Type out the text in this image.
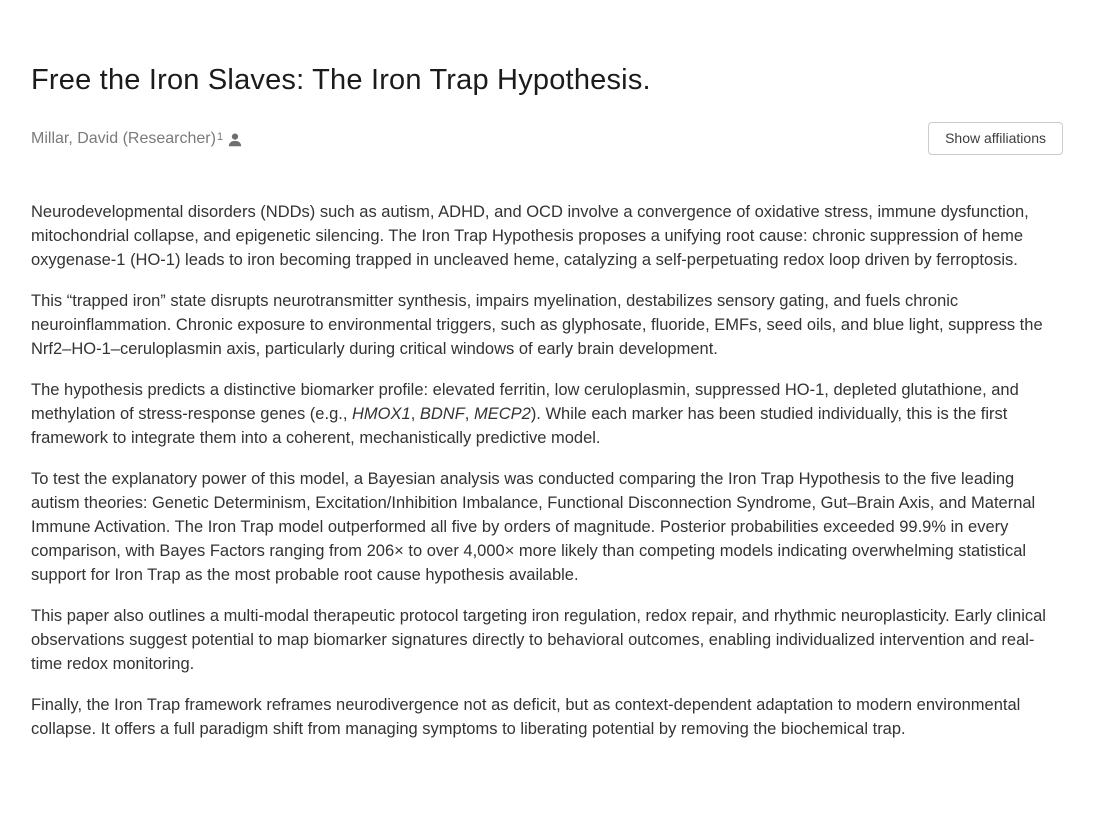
Free the Iron Slaves: The Iron Trap Hypothesis.
Millar, David (Researcher)$^1$	Show affiliations

Neurodevelopmental disorders (NDDs) such as autism, ADHD, and OCD involve a convergence of oxidative stress, immune dysfunction, mitochondrial collapse, and epigenetic silencing. The Iron Trap Hypothesis proposes a unifying root cause: chronic suppression of heme oxygenase-1 (HO-1) leads to iron becoming trapped in uncleaved heme, catalyzing a self-perpetuating redox loop driven by ferroptosis.

This “trapped iron” state disrupts neurotransmitter synthesis, impairs myelination, destabilizes sensory gating, and fuels chronic neuroinflammation. Chronic exposure to environmental triggers, such as glyphosate, fluoride, EMFs, seed oils, and blue light, suppress the Nrf2–HO-1–ceruloplasmin axis, particularly during critical windows of early brain development.

The hypothesis predicts a distinctive biomarker profile: elevated ferritin, low ceruloplasmin, suppressed HO-1, depleted glutathione, and methylation of stress-response genes (e.g., HMOX1, BDNF, MECP2). While each marker has been studied individually, this is the first framework to integrate them into a coherent, mechanistically predictive model.

To test the explanatory power of this model, a Bayesian analysis was conducted comparing the Iron Trap Hypothesis to the five leading autism theories: Genetic Determinism, Excitation/Inhibition Imbalance, Functional Disconnection Syndrome, Gut–Brain Axis, and Maternal Immune Activation. The Iron Trap model outperformed all five by orders of magnitude. Posterior probabilities exceeded 99.9% in every comparison, with Bayes Factors ranging from 206× to over 4,000× more likely than competing models indicating overwhelming statistical support for Iron Trap as the most probable root cause hypothesis available.

This paper also outlines a multi-modal therapeutic protocol targeting iron regulation, redox repair, and rhythmic neuroplasticity. Early clinical observations suggest potential to map biomarker signatures directly to behavioral outcomes, enabling individualized intervention and real-time redox monitoring.

Finally, the Iron Trap framework reframes neurodivergence not as deficit, but as context-dependent adaptation to modern environmental collapse. It offers a full paradigm shift from managing symptoms to liberating potential by removing the biochemical trap.
